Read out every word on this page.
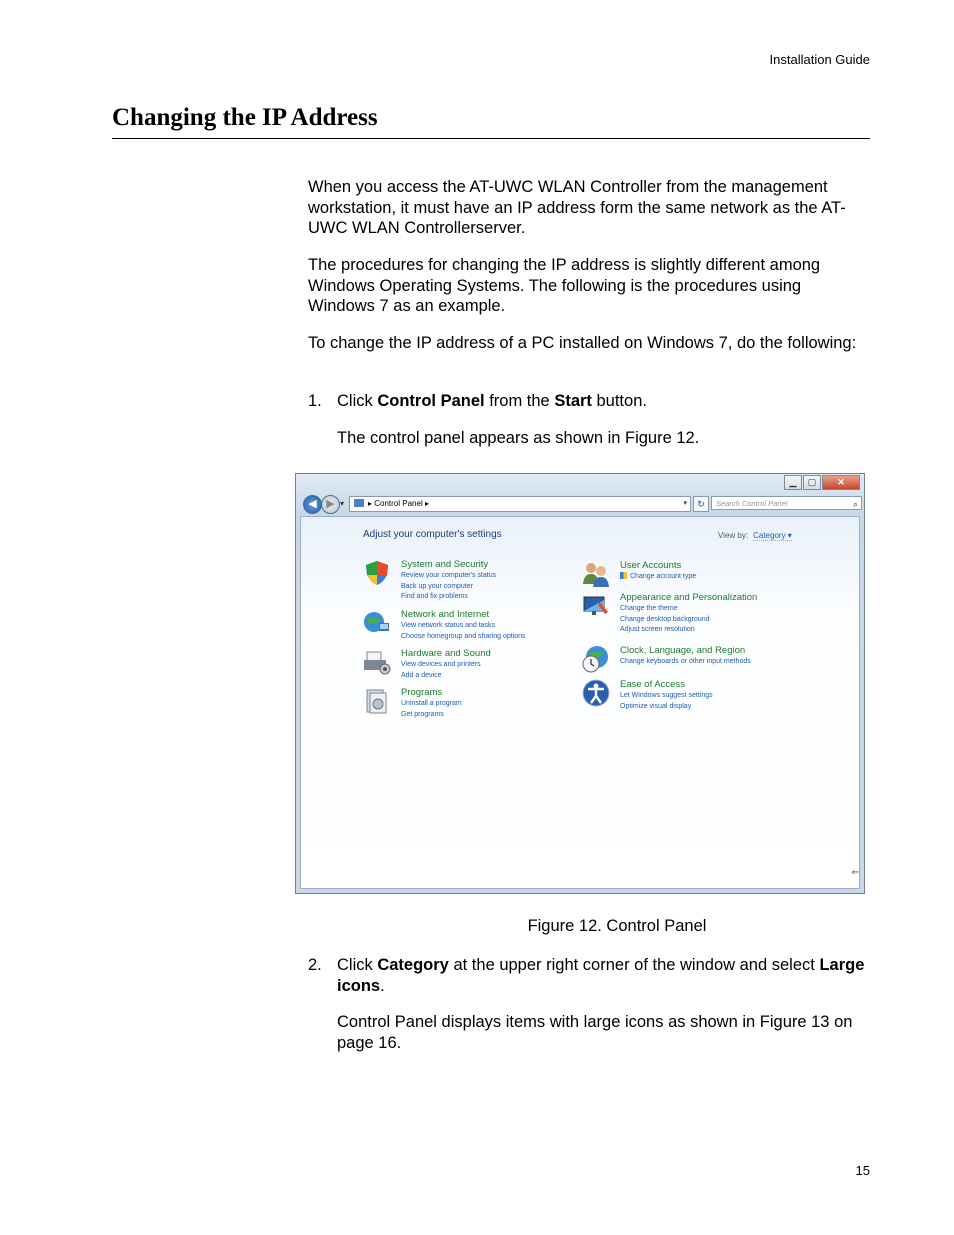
Installation Guide
Changing the IP Address

When you access the AT-UWC WLAN Controller from the management workstation, it must have an IP address form the same network as the AT-UWC WLAN Controllerserver.

The procedures for changing the IP address is slightly different among Windows Operating Systems. The following is the procedures using Windows 7 as an example.

To change the IP address of a PC installed on Windows 7, do the following:

1. Click Control Panel from the Start button.
The control panel appears as shown in Figure 12.
▁	▢	✕
◀ ▶ ▾	▸ Control Panel ▸	▾	↻	Search Control Panel	⌕
Adjust your computer's settings	View by: Category ▾
System and Security
Review your computer's status
Back up your computer
Find and fix problems
Network and Internet
View network status and tasks
Choose homegroup and sharing options
Hardware and Sound
View devices and printers
Add a device
Programs
Uninstall a program
Get programs
User Accounts
Change account type
Appearance and Personalization
Change the theme
Change desktop background
Adjust screen resolution
Clock, Language, and Region
Change keyboards or other input methods
Ease of Access
Let Windows suggest settings
Optimize visual display
⇐
Figure 12. Control Panel
2. Click Category at the upper right corner of the window and select Large icons.
Control Panel displays items with large icons as shown in Figure 13 on page 16.
15
